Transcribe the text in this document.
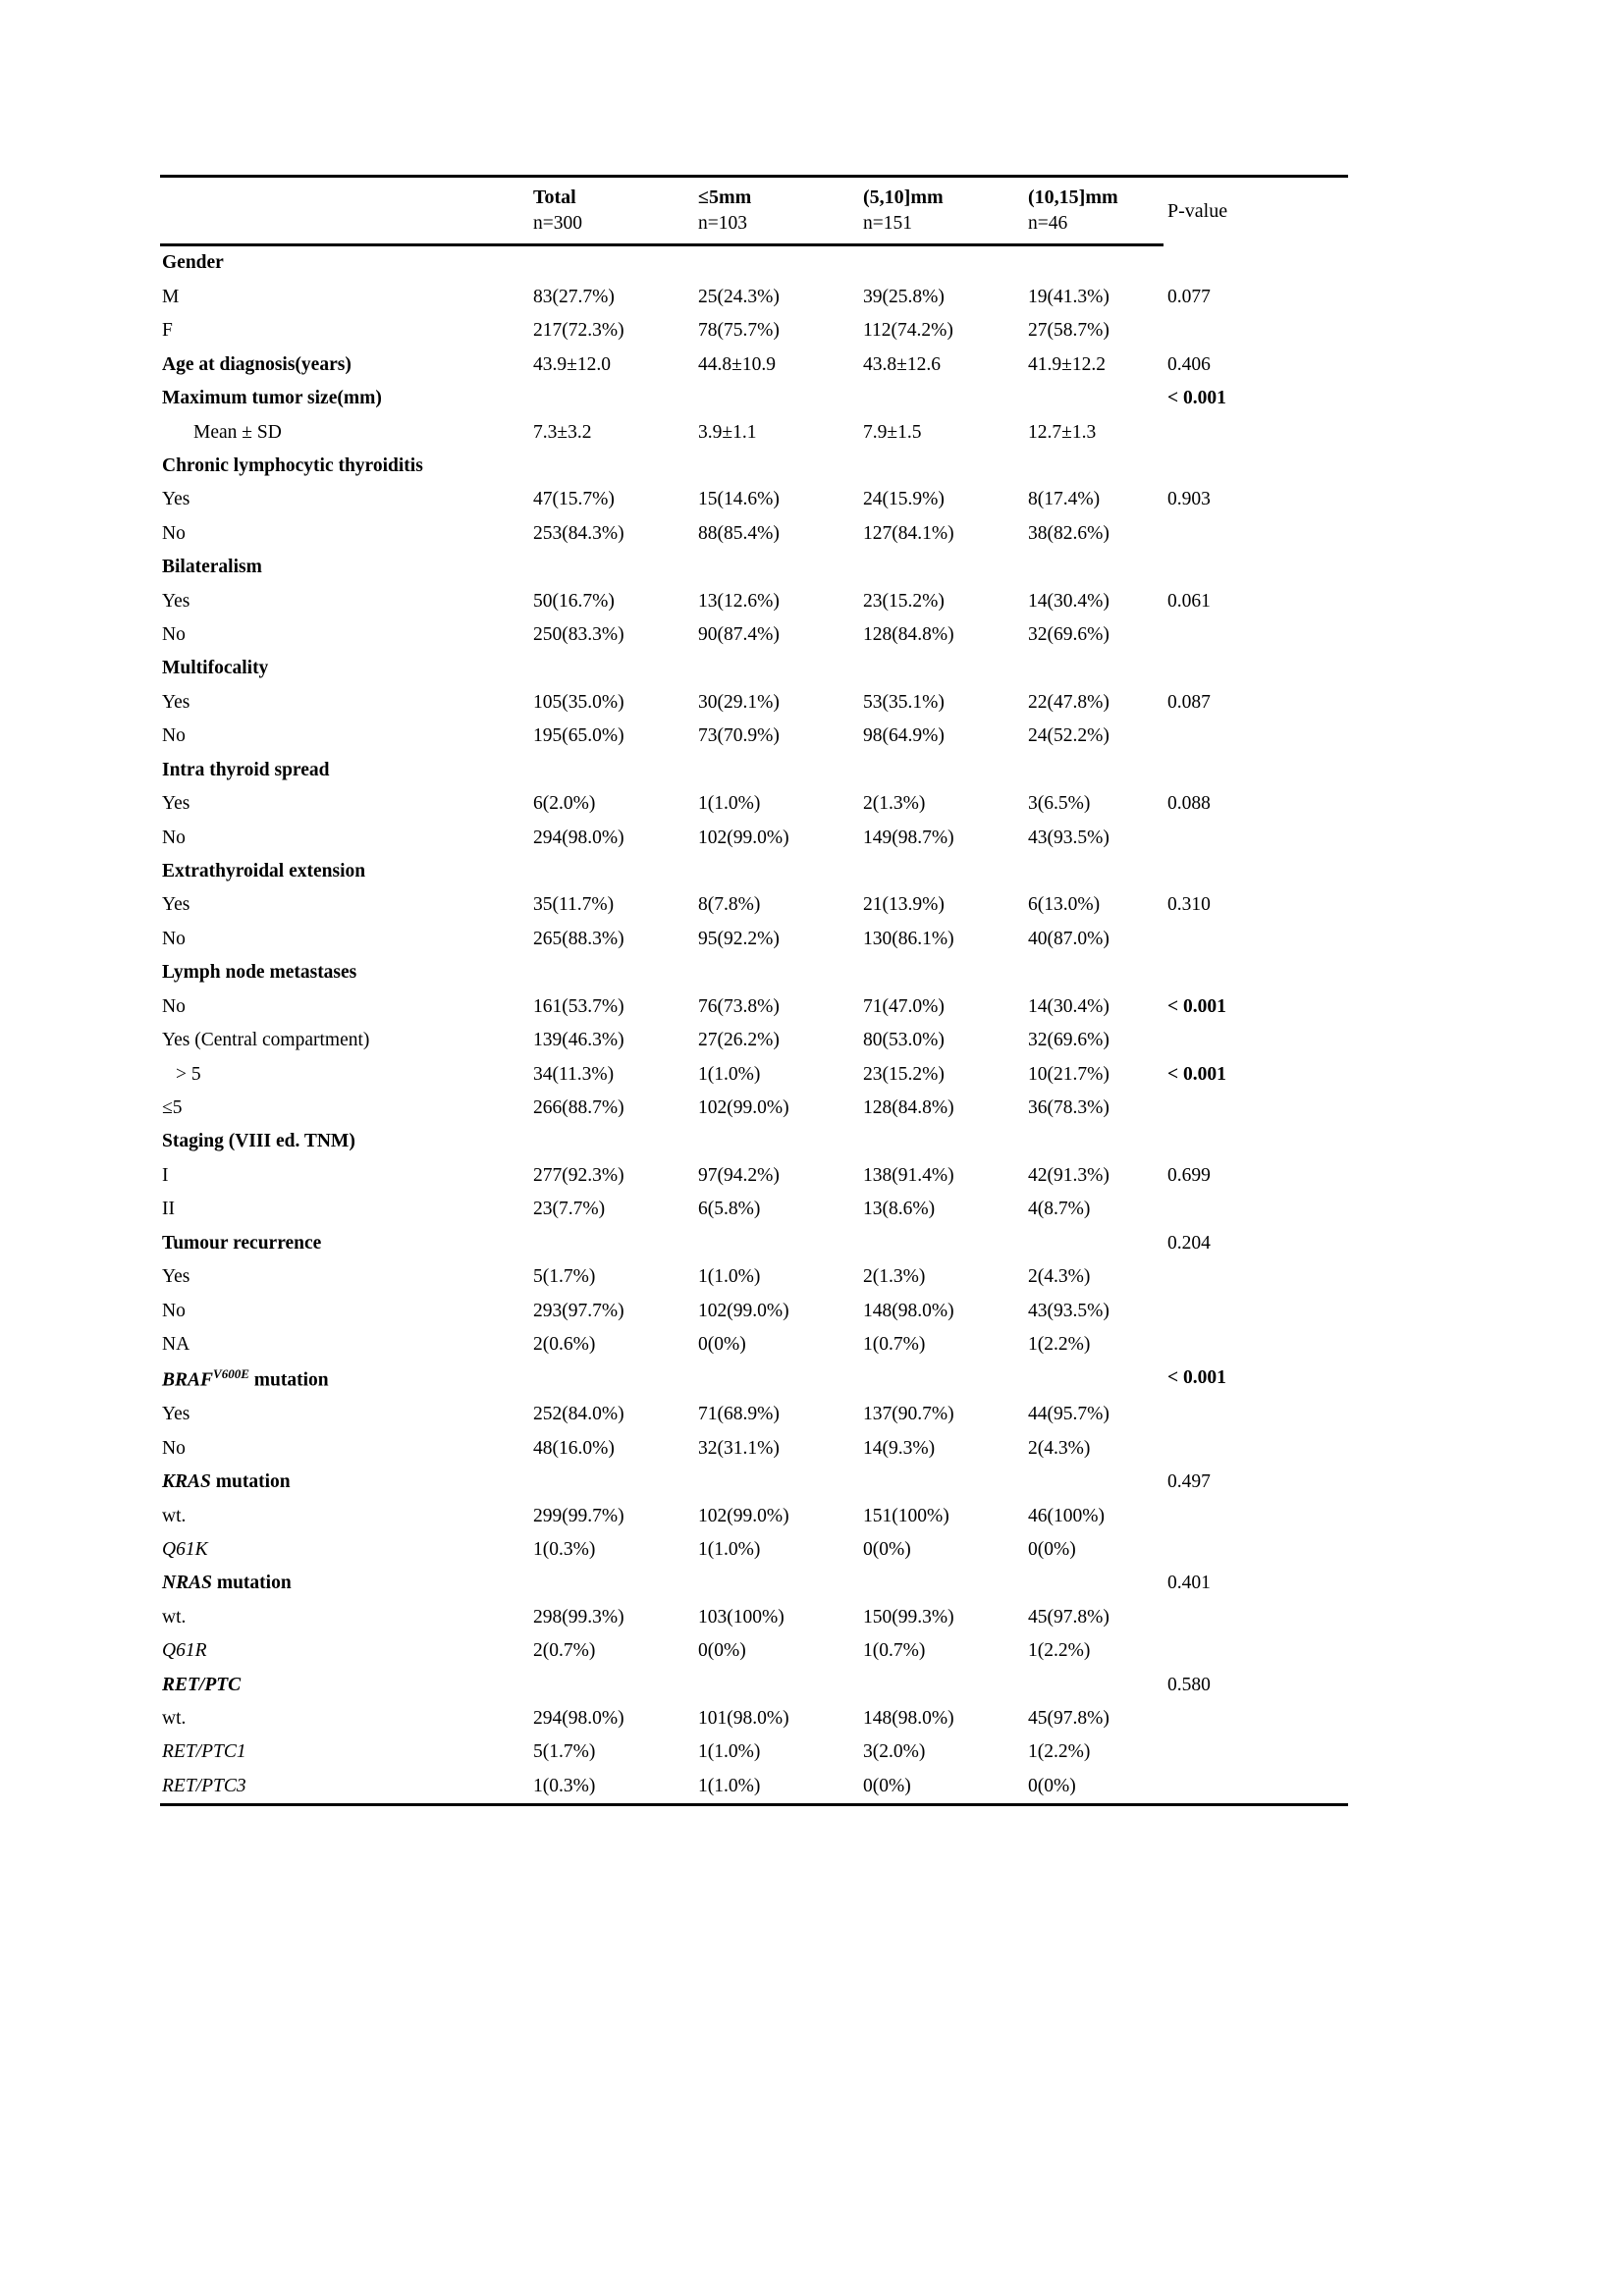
	Total	≤5mm	(5,10]mm	(10,15]mm	P-value
	n=300	n=103	n=151	n=46	
Gender					
M	83(27.7%)	25(24.3%)	39(25.8%)	19(41.3%)	0.077
F	217(72.3%)	78(75.7%)	112(74.2%)	27(58.7%)	
Age at diagnosis(years)	43.9±12.0	44.8±10.9	43.8±12.6	41.9±12.2	0.406
Maximum tumor size(mm)					< 0.001
Mean ± SD	7.3±3.2	3.9±1.1	7.9±1.5	12.7±1.3	
Chronic lymphocytic thyroiditis					
Yes	47(15.7%)	15(14.6%)	24(15.9%)	8(17.4%)	0.903
No	253(84.3%)	88(85.4%)	127(84.1%)	38(82.6%)	
Bilateralism					
Yes	50(16.7%)	13(12.6%)	23(15.2%)	14(30.4%)	0.061
No	250(83.3%)	90(87.4%)	128(84.8%)	32(69.6%)	
Multifocality					
Yes	105(35.0%)	30(29.1%)	53(35.1%)	22(47.8%)	0.087
No	195(65.0%)	73(70.9%)	98(64.9%)	24(52.2%)	
Intra thyroid spread					
Yes	6(2.0%)	1(1.0%)	2(1.3%)	3(6.5%)	0.088
No	294(98.0%)	102(99.0%)	149(98.7%)	43(93.5%)	
Extrathyroidal extension					
Yes	35(11.7%)	8(7.8%)	21(13.9%)	6(13.0%)	0.310
No	265(88.3%)	95(92.2%)	130(86.1%)	40(87.0%)	
Lymph node metastases					
No	161(53.7%)	76(73.8%)	71(47.0%)	14(30.4%)	< 0.001
Yes (Central compartment)	139(46.3%)	27(26.2%)	80(53.0%)	32(69.6%)	
> 5	34(11.3%)	1(1.0%)	23(15.2%)	10(21.7%)	< 0.001
≤5	266(88.7%)	102(99.0%)	128(84.8%)	36(78.3%)	
Staging (VIII ed. TNM)					
I	277(92.3%)	97(94.2%)	138(91.4%)	42(91.3%)	0.699
II	23(7.7%)	6(5.8%)	13(8.6%)	4(8.7%)	
Tumour recurrence					0.204
Yes	5(1.7%)	1(1.0%)	2(1.3%)	2(4.3%)	
No	293(97.7%)	102(99.0%)	148(98.0%)	43(93.5%)	
NA	2(0.6%)	0(0%)	1(0.7%)	1(2.2%)	
$BRAF^{V600E}$ mutation					< 0.001
Yes	252(84.0%)	71(68.9%)	137(90.7%)	44(95.7%)	
No	48(16.0%)	32(31.1%)	14(9.3%)	2(4.3%)	
KRAS mutation					0.497
wt.	299(99.7%)	102(99.0%)	151(100%)	46(100%)	
Q61K	1(0.3%)	1(1.0%)	0(0%)	0(0%)	
NRAS mutation					0.401
wt.	298(99.3%)	103(100%)	150(99.3%)	45(97.8%)	
Q61R	2(0.7%)	0(0%)	1(0.7%)	1(2.2%)	
RET/PTC					0.580
wt.	294(98.0%)	101(98.0%)	148(98.0%)	45(97.8%)	
RET/PTC1	5(1.7%)	1(1.0%)	3(2.0%)	1(2.2%)	
RET/PTC3	1(0.3%)	1(1.0%)	0(0%)	0(0%)	
